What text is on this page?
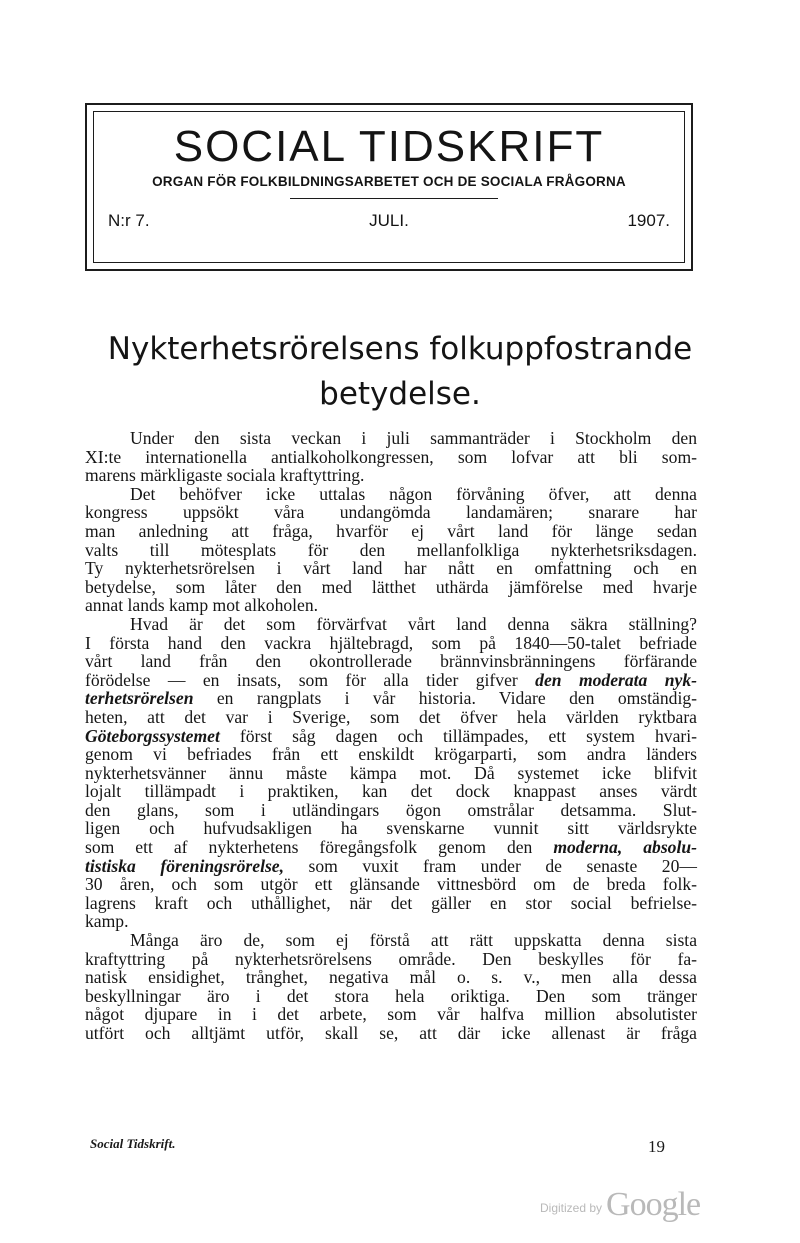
SOCIAL TIDSKRIFT
ORGAN FÖR FOLKBILDNINGSARBETET OCH DE SOCIALA FRÅGORNA
N:r 7.	JULI.	1907.
Nykterhetsrörelsens folkuppfostrande
betydelse.
Under den sista veckan i juli sammanträder i Stockholm den
XI:te internationella antialkoholkongressen, som lofvar att bli som-
marens märkligaste sociala kraftyttring.
Det behöfver icke uttalas någon förvåning öfver, att denna
kongress uppsökt våra undangömda landamären; snarare har
man anledning att fråga, hvarför ej vårt land för länge sedan
valts till mötesplats för den mellanfolkliga nykterhetsriksdagen.
Ty nykterhetsrörelsen i vårt land har nått en omfattning och en
betydelse, som låter den med lätthet uthärda jämförelse med hvarje
annat lands kamp mot alkoholen.
Hvad är det som förvärfvat vårt land denna säkra ställning?
I första hand den vackra hjältebragd, som på 1840—50-talet befriade
vårt land från den okontrollerade brännvinsbränningens förfärande
förödelse — en insats, som för alla tider gifver den moderata nyk-
terhetsrörelsen en rangplats i vår historia. Vidare den omständig-
heten, att det var i Sverige, som det öfver hela världen ryktbara
Göteborgssystemet först såg dagen och tillämpades, ett system hvari-
genom vi befriades från ett enskildt krögarparti, som andra länders
nykterhetsvänner ännu måste kämpa mot. Då systemet icke blifvit
lojalt tillämpadt i praktiken, kan det dock knappast anses värdt
den glans, som i utländingars ögon omstrålar detsamma. Slut-
ligen och hufvudsakligen ha svenskarne vunnit sitt världsrykte
som ett af nykterhetens föregångsfolk genom den moderna, absolu-
tistiska föreningsrörelse, som vuxit fram under de senaste 20—
30 åren, och som utgör ett glänsande vittnesbörd om de breda folk-
lagrens kraft och uthållighet, när det gäller en stor social befrielse-
kamp.
Många äro de, som ej förstå att rätt uppskatta denna sista
kraftyttring på nykterhetsrörelsens område. Den beskylles för fa-
natisk ensidighet, trånghet, negativa mål o. s. v., men alla dessa
beskyllningar äro i det stora hela oriktiga. Den som tränger
något djupare in i det arbete, som vår halfva million absolutister
utfört och alltjämt utför, skall se, att där icke allenast är fråga
Social Tidskrift.	19
Digitized by Google
